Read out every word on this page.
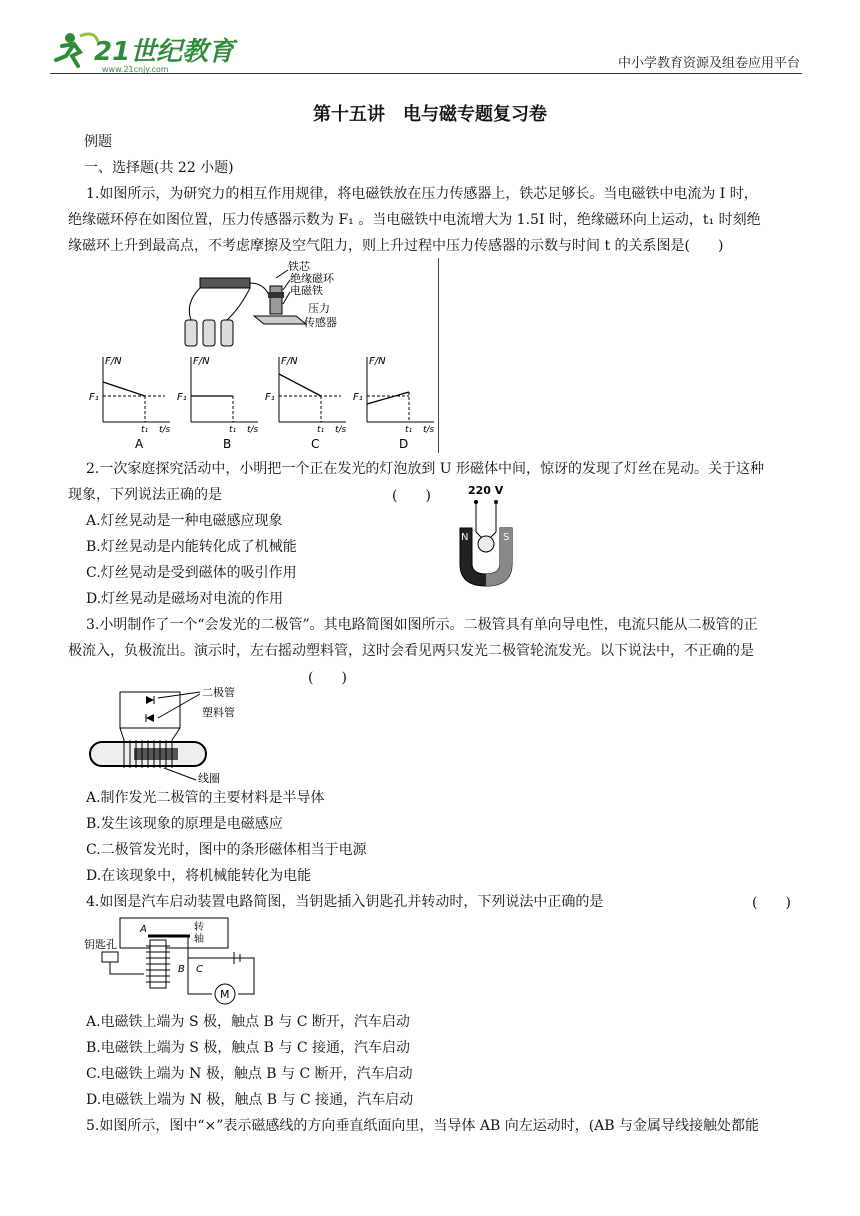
21世纪教育
www.21cnjy.com	中小学教育资源及组卷应用平台
第十五讲　电与磁专题复习卷
例题
一、选择题(共 22 小题)
1.如图所示，为研究力的相互作用规律，将电磁铁放在压力传感器上，铁芯足够长。当电磁铁中电流为 I 时，
绝缘磁环停在如图位置，压力传感器示数为 F₁ 。当电磁铁中电流增大为 1.5I 时，绝缘磁环向上运动，t₁ 时刻绝
缘磁环上升到最高点，不考虑摩擦及空气阻力，则上升过程中压力传感器的示数与时间 t 的关系图是(　　)
铁芯
绝缘磁环
电磁铁
压力
传感器
F/N
t/s
F₁
t₁
A
F/N
t/s
F₁
t₁
B
F/N
t/s
F₁
t₁
C
F/N
t/s
F₁
t₁
D
2.一次家庭探究活动中，小明把一个正在发光的灯泡放到 U 形磁体中间，惊讶的发现了灯丝在晃动。关于这种
现象，下列说法正确的是	(　　)
A.灯丝晃动是一种电磁感应现象
B.灯丝晃动是内能转化成了机械能
C.灯丝晃动是受到磁体的吸引作用
D.灯丝晃动是磁场对电流的作用
220 V
N	S
3.小明制作了一个“会发光的二极管”。其电路简图如图所示。二极管具有单向导电性，电流只能从二极管的正
极流入，负极流出。演示时，左右摇动塑料管，这时会看见两只发光二极管轮流发光。以下说法中，不正确的是
(　　)
二极管
塑料管
线圈
A.制作发光二极管的主要材料是半导体
B.发生该现象的原理是电磁感应
C.二极管发光时，图中的条形磁体相当于电源
D.在该现象中，将机械能转化为电能
4.如图是汽车启动装置电路简图，当钥匙插入钥匙孔并转动时，下列说法中正确的是	(　　)
钥匙孔
A	转
轴
B C
M
A.电磁铁上端为 S 极，触点 B 与 C 断开，汽车启动
B.电磁铁上端为 S 极，触点 B 与 C 接通，汽车启动
C.电磁铁上端为 N 极，触点 B 与 C 断开，汽车启动
D.电磁铁上端为 N 极，触点 B 与 C 接通，汽车启动
5.如图所示，图中“×”表示磁感线的方向垂直纸面向里，当导体 AB 向左运动时，(AB 与金属导线接触处都能
